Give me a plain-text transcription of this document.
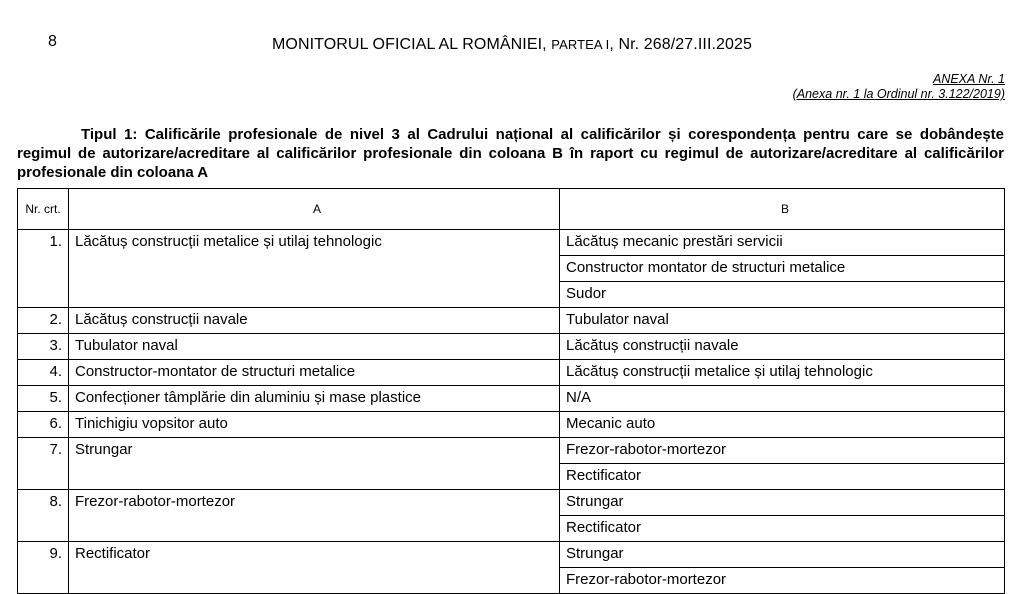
8	MONITORUL OFICIAL AL ROMÂNIEI, PARTEA I, Nr. 268/27.III.2025
ANEXA Nr. 1
(Anexa nr. 1 la Ordinul nr. 3.122/2019)
Tipul 1: Calificările profesionale de nivel 3 al Cadrului național al calificărilor și corespondența pentru care se dobândește regimul de autorizare/acreditare al calificărilor profesionale din coloana B în raport cu regimul de autorizare/acreditare al calificărilor profesionale din coloana A
Nr. crt.	A	B
1.	Lăcătuș construcții metalice și utilaj tehnologic	Lăcătuș mecanic prestări servicii
		Constructor montator de structuri metalice
		Sudor
2.	Lăcătuș construcții navale	Tubulator naval
3.	Tubulator naval	Lăcătuș construcții navale
4.	Constructor-montator de structuri metalice	Lăcătuș construcții metalice și utilaj tehnologic
5.	Confecționer tâmplărie din aluminiu și mase plastice	N/A
6.	Tinichigiu vopsitor auto	Mecanic auto
7.	Strungar	Frezor-rabotor-mortezor
		Rectificator
8.	Frezor-rabotor-mortezor	Strungar
		Rectificator
9.	Rectificator	Strungar
		Frezor-rabotor-mortezor
